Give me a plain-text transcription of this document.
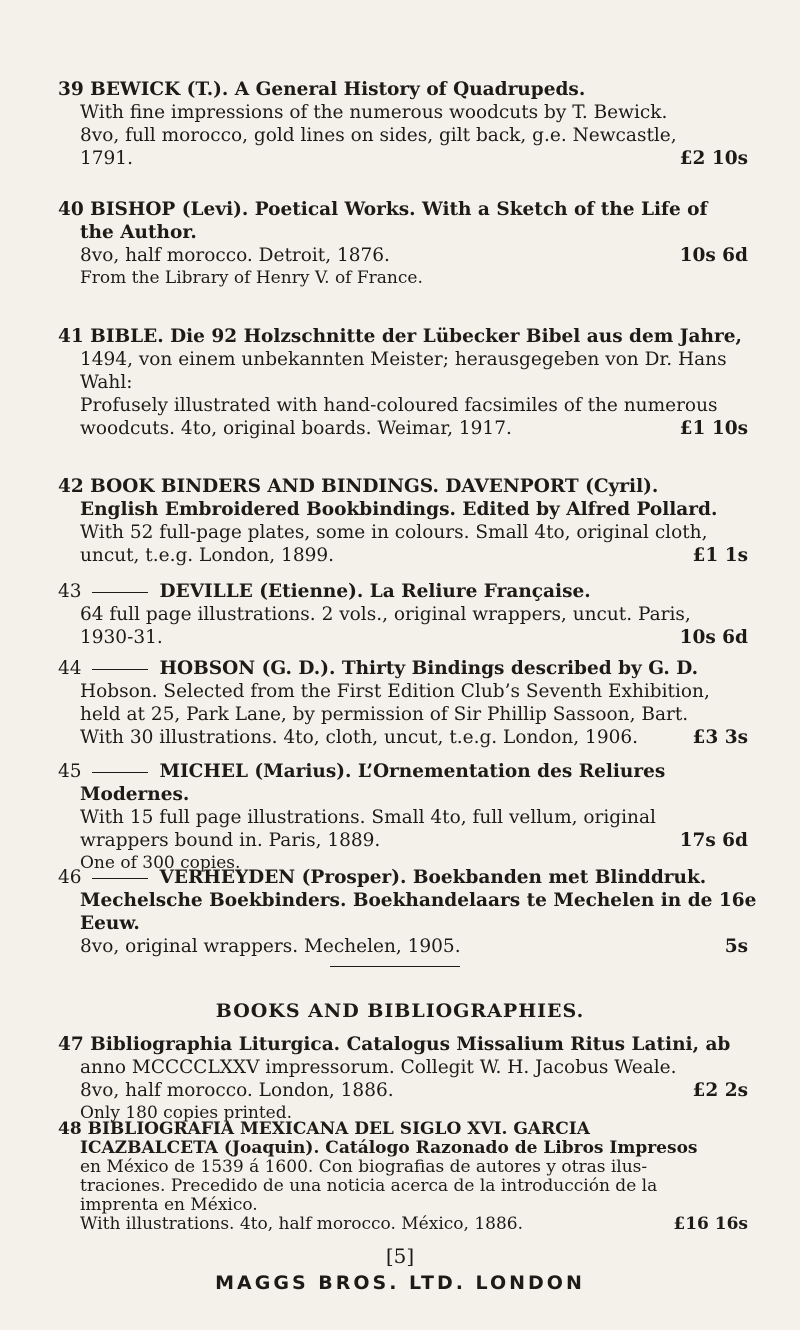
39 BEWICK (T.). A General History of Quadrupeds.
With fine impressions of the numerous woodcuts by T. Bewick.
8vo, full morocco, gold lines on sides, gilt back, g.e. Newcastle,
1791.	£2 10s
40 BISHOP (Levi). Poetical Works. With a Sketch of the Life of
the Author.
8vo, half morocco. Detroit, 1876.	10s 6d
From the Library of Henry V. of France.
41 BIBLE. Die 92 Holzschnitte der Lübecker Bibel aus dem Jahre,
1494, von einem unbekannten Meister; herausgegeben von Dr. Hans
Wahl:
Profusely illustrated with hand-coloured facsimiles of the numerous
woodcuts. 4to, original boards. Weimar, 1917.	£1 10s
42 BOOK BINDERS AND BINDINGS. DAVENPORT (Cyril).
English Embroidered Bookbindings. Edited by Alfred Pollard.
With 52 full-page plates, some in colours. Small 4to, original cloth,
uncut, t.e.g. London, 1899.	£1 1s
43	DEVILLE (Etienne). La Reliure Française.
64 full page illustrations. 2 vols., original wrappers, uncut. Paris,
1930-31.	10s 6d
44	HOBSON (G. D.). Thirty Bindings described by G. D.
Hobson. Selected from the First Edition Club’s Seventh Exhibition,
held at 25, Park Lane, by permission of Sir Phillip Sassoon, Bart.
With 30 illustrations. 4to, cloth, uncut, t.e.g. London, 1906.	£3 3s
45	MICHEL (Marius). L’Ornementation des Reliures
Modernes.
With 15 full page illustrations. Small 4to, full vellum, original
wrappers bound in. Paris, 1889.	17s 6d
One of 300 copies.
46	VERHEYDEN (Prosper). Boekbanden met Blinddruk.
Mechelsche Boekbinders. Boekhandelaars te Mechelen in de 16e
Eeuw.
8vo, original wrappers. Mechelen, 1905.	5s
BOOKS AND BIBLIOGRAPHIES.
47 Bibliographia Liturgica. Catalogus Missalium Ritus Latini, ab
anno MCCCCLXXV impressorum. Collegit W. H. Jacobus Weale.
8vo, half morocco. London, 1886.	£2 2s
Only 180 copies printed.
48 BIBLIOGRAFIA MEXICANA DEL SIGLO XVI. GARCIA
ICAZBALCETA (Joaquin). Catálogo Razonado de Libros Impresos
en México de 1539 á 1600. Con biografias de autores y otras ilus-
traciones. Precedido de una noticia acerca de la introducción de la
imprenta en México.
With illustrations. 4to, half morocco. México, 1886.	£16 16s
[5]
MAGGS BROS. LTD. LONDON
